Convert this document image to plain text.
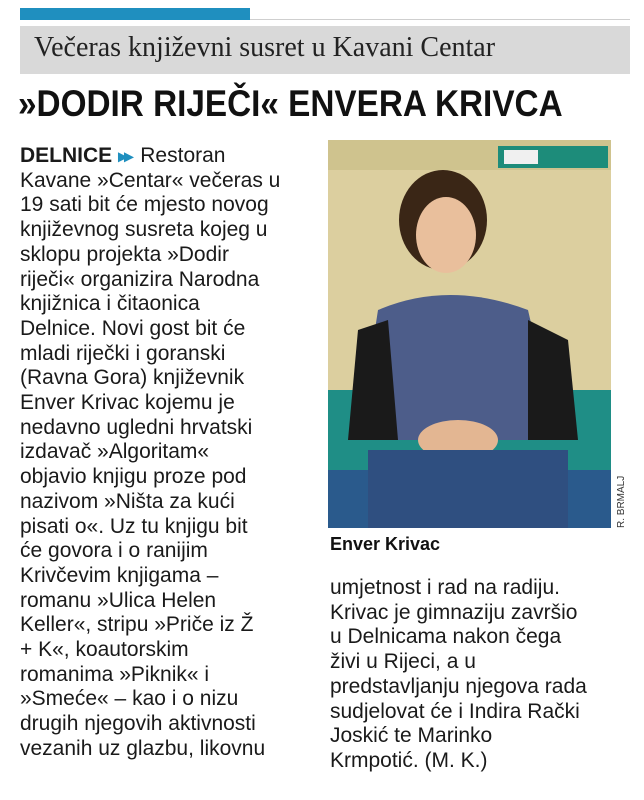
Večeras književni susret u Kavani Centar
»DODIR RIJEČI« ENVERA KRIVCA
DELNICE ▸▸ Restoran
Kavane »Centar« večeras u
19 sati bit će mjesto novog
književnog susreta kojeg u
sklopu projekta »Dodir
riječi« organizira Narodna
knjižnica i čitaonica
Delnice. Novi gost bit će
mladi riječki i goranski
(Ravna Gora) književnik
Enver Krivac kojemu je
nedavno ugledni hrvatski
izdavač »Algoritam«
objavio knjigu proze pod
nazivom »Ništa za kući
pisati o«. Uz tu knjigu bit
će govora i o ranijim
Krivčevim knjigama –
romanu »Ulica Helen
Keller«, stripu »Priče iz Ž
+ K«, koautorskim
romanima »Piknik« i
»Smeće« – kao i o nizu
drugih njegovih aktivnosti
vezanih uz glazbu, likovnu
R. BRMALJ
Enver Krivac
umjetnost i rad na radiju.
Krivac je gimnaziju završio
u Delnicama nakon čega
živi u Rijeci, a u
predstavljanju njegova rada
sudjelovat će i Indira Rački
Joskić te Marinko
Krmpotić. (M. K.)
